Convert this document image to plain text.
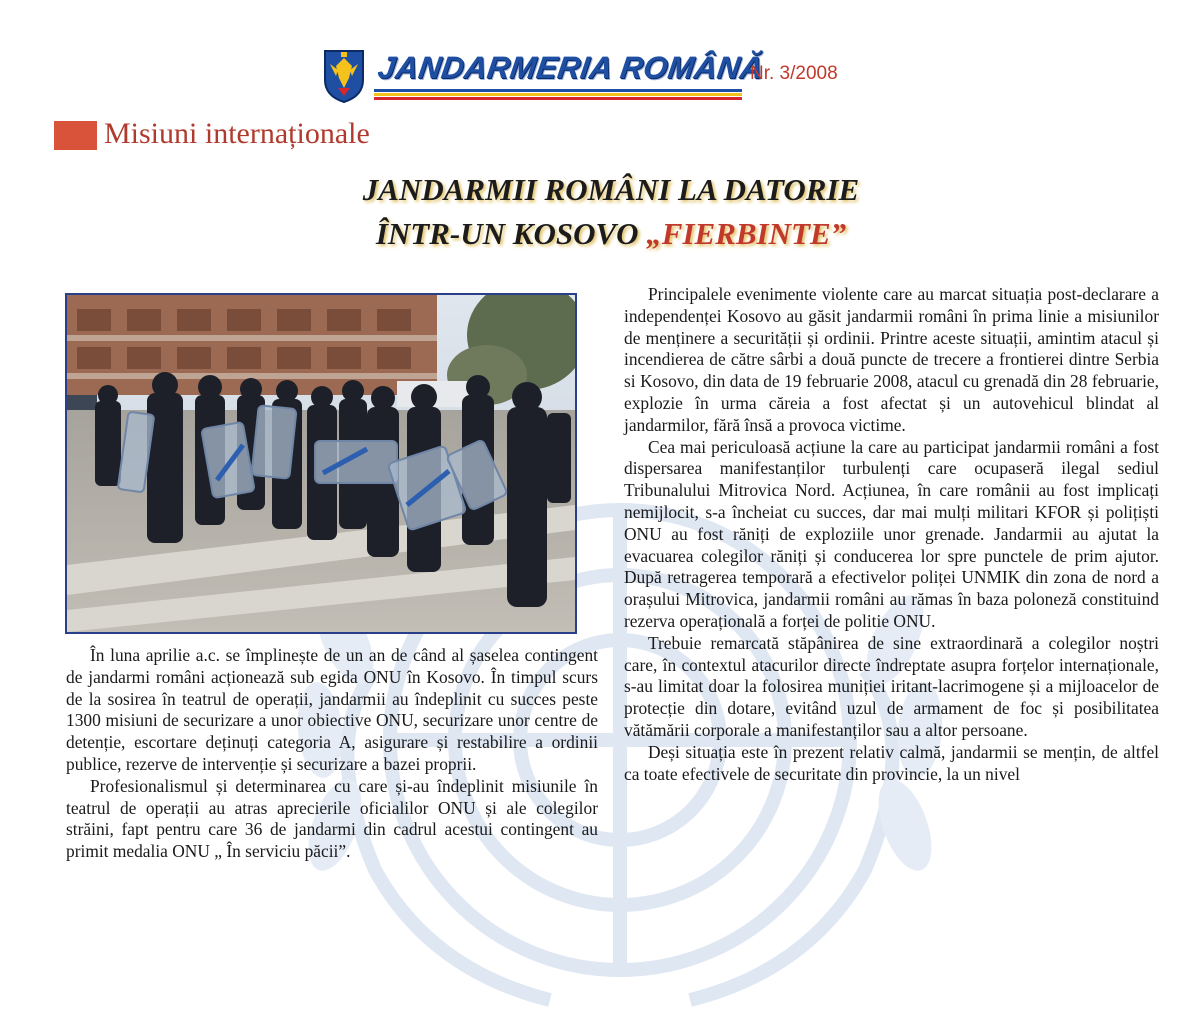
JANDARMERIA ROMÂNĂ
Nr. 3/2008
Misiuni internaționale
JANDARMII ROMÂNI LA DATORIE
ÎNTR-UN KOSOVO „FIERBINTE”

În luna aprilie a.c. se împlinește de un an de când al șaselea contingent de jandarmi români acționează sub egida ONU în Kosovo. În timpul scurs de la sosirea în teatrul de operații, jandarmii au îndeplinit cu succes peste 1300 misiuni de securizare a unor obiective ONU, securizare unor centre de detenție, escortare deținuți categoria A, asigurare și restabilire a ordinii publice, rezerve de intervenție și securizare a bazei proprii.

Profesionalismul și determinarea cu care și-au îndeplinit misiunile în teatrul de operații au atras aprecierile oficialilor ONU și ale colegilor străini, fapt pentru care 36 de jandarmi din cadrul acestui contingent au primit medalia ONU „ În serviciu păcii”.

Principalele evenimente violente care au marcat situația post-declarare a independenței Kosovo au găsit jandarmii români în prima linie a misiunilor de menținere a securității și ordinii. Printre aceste situații, amintim atacul și incendierea de către sârbi a două puncte de trecere a frontierei dintre Serbia si Kosovo, din data de 19 februarie 2008, atacul cu grenadă din 28 februarie, explozie în urma căreia a fost afectat și un autovehicul blindat al jandarmilor, fără însă a provoca victime.

Cea mai periculoasă acțiune la care au participat jandarmii români a fost dispersarea manifestanților turbulenți care ocupaseră ilegal sediul Tribunalului Mitrovica Nord. Acțiunea, în care românii au fost implicați nemijlocit, s-a încheiat cu succes, dar mai mulți militari KFOR și polițiști ONU au fost răniți de exploziile unor grenade. Jandarmii au ajutat la evacuarea colegilor răniți și conducerea lor spre punctele de prim ajutor. După retragerea temporară a efectivelor poliței UNMIK din zona de nord a orașului Mitrovica, jandarmii români au rămas în baza poloneză constituind rezerva operațională a forței de politie ONU.

Trebuie remarcată stăpânirea de sine extraordinară a colegilor noștri care, în contextul atacurilor directe îndreptate asupra forțelor internaționale, s-au limitat doar la folosirea muniției iritant-lacrimogene și a mijloacelor de protecție din dotare, evitând uzul de armament de foc și posibilitatea vătămării corporale a manifestanților sau a altor persoane.

Deși situația este în prezent relativ calmă, jandarmii se mențin, de altfel ca toate efectivele de securitate din provincie, la un nivel
